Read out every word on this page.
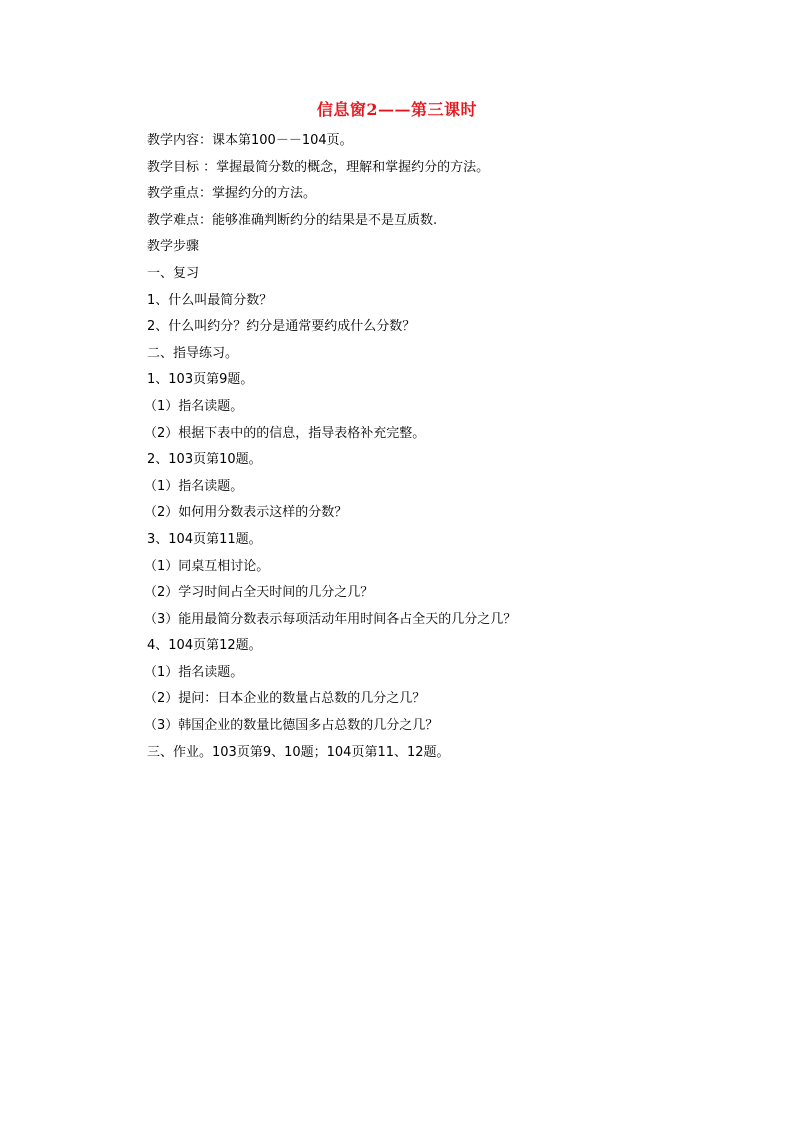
信息窗2——第三课时
教学内容：课本第100－－104页。
教学目标 ：掌握最简分数的概念，理解和掌握约分的方法。
教学重点：掌握约分的方法。
教学难点：能够准确判断约分的结果是不是互质数.
教学步骤
一、复习
1、什么叫最简分数？
2、什么叫约分？约分是通常要约成什么分数？
二、指导练习。
1、103页第9题。
（1）指名读题。
（2）根据下表中的的信息，指导表格补充完整。
2、103页第10题。
（1）指名读题。
（2）如何用分数表示这样的分数？
3、104页第11题。
（1）同桌互相讨论。
（2）学习时间占全天时间的几分之几？
（3）能用最简分数表示每项活动年用时间各占全天的几分之几？
4、104页第12题。
（1）指名读题。
（2）提问：日本企业的数量占总数的几分之几？
（3）韩国企业的数量比德国多占总数的几分之几？
三、作业。103页第9、10题；104页第11、12题。
